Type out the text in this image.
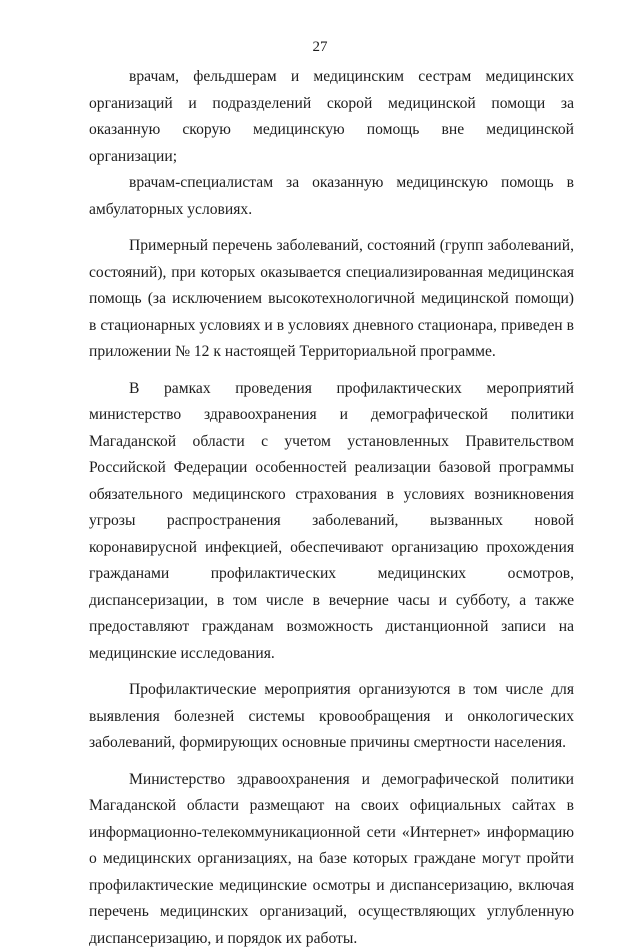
27

врачам, фельдшерам и медицинским сестрам медицинских организаций и подразделений скорой медицинской помощи за оказанную скорую медицинскую помощь вне медицинской организации;

врачам-специалистам за оказанную медицинскую помощь в амбулаторных условиях.

Примерный перечень заболеваний, состояний (групп заболеваний, состояний), при которых оказывается специализированная медицинская помощь (за исключением высокотехнологичной медицинской помощи) в стационарных условиях и в условиях дневного стационара, приведен в приложении № 12 к настоящей Территориальной программе.

В рамках проведения профилактических мероприятий министерство здравоохранения и демографической политики Магаданской области с учетом установленных Правительством Российской Федерации особенностей реализации базовой программы обязательного медицинского страхования в условиях возникновения угрозы распространения заболеваний, вызванных новой коронавирусной инфекцией, обеспечивают организацию прохождения гражданами профилактических медицинских осмотров, диспансеризации, в том числе в вечерние часы и субботу, а также предоставляют гражданам возможность дистанционной записи на медицинские исследования.

Профилактические мероприятия организуются в том числе для выявления болезней системы кровообращения и онкологических заболеваний, формирующих основные причины смертности населения.

Министерство здравоохранения и демографической политики Магаданской области размещают на своих официальных сайтах в информационно-телекоммуникационной сети «Интернет» информацию о медицинских организациях, на базе которых граждане могут пройти профилактические медицинские осмотры и диспансеризацию, включая перечень медицинских организаций, осуществляющих углубленную диспансеризацию, и порядок их работы.
